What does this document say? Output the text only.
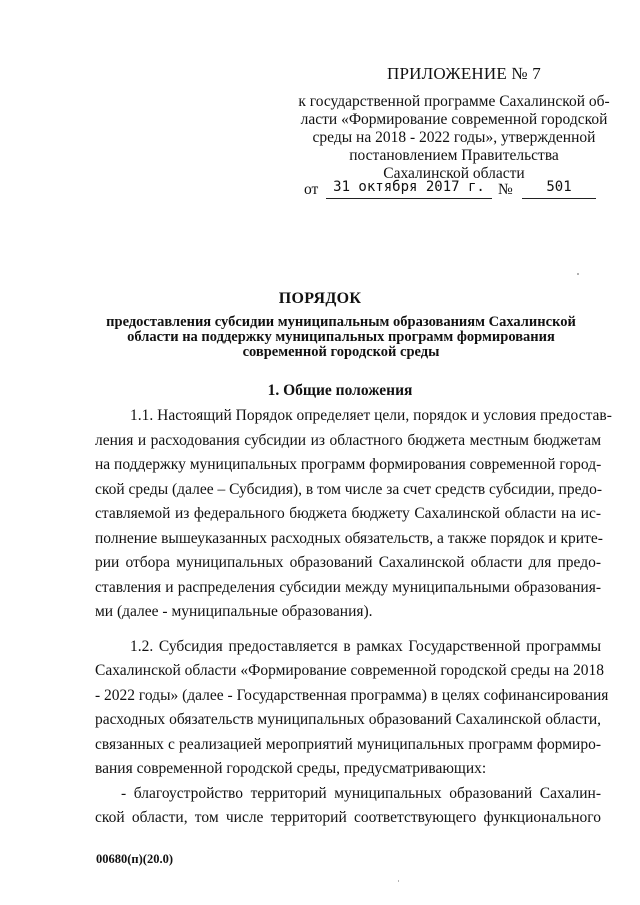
ПРИЛОЖЕНИЕ № 7
к государственной программе Сахалинской об-
ласти «Формирование современной городской
среды на 2018 - 2022 годы», утвержденной
постановлением Правительства
Сахалинской области
от	31 октября 2017 г. №	501
ПОРЯДОК
предоставления субсидии муниципальным образованиям Сахалинской
области на поддержку муниципальных программ формирования
современной городской среды
1. Общие положения
1.1. Настоящий Порядок определяет цели, порядок и условия предостав-
ления и расходования субсидии из областного бюджета местным бюджетам
на поддержку муниципальных программ формирования современной город-
ской среды (далее – Субсидия), в том числе за счет средств субсидии, предо-
ставляемой из федерального бюджета бюджету Сахалинской области на ис-
полнение вышеуказанных расходных обязательств, а также порядок и крите-
рии отбора муниципальных образований Сахалинской области для предо-
ставления и распределения субсидии между муниципальными образования-
ми (далее - муниципальные образования).
1.2. Субсидия предоставляется в рамках Государственной программы
Сахалинской области «Формирование современной городской среды на 2018
- 2022 годы» (далее - Государственная программа) в целях софинансирования
расходных обязательств муниципальных образований Сахалинской области,
связанных с реализацией мероприятий муниципальных программ формиро-
вания современной городской среды, предусматривающих:
- благоустройство территорий муниципальных образований Сахалин-
ской области, том числе территорий соответствующего функционального
00680(п)(20.0)
